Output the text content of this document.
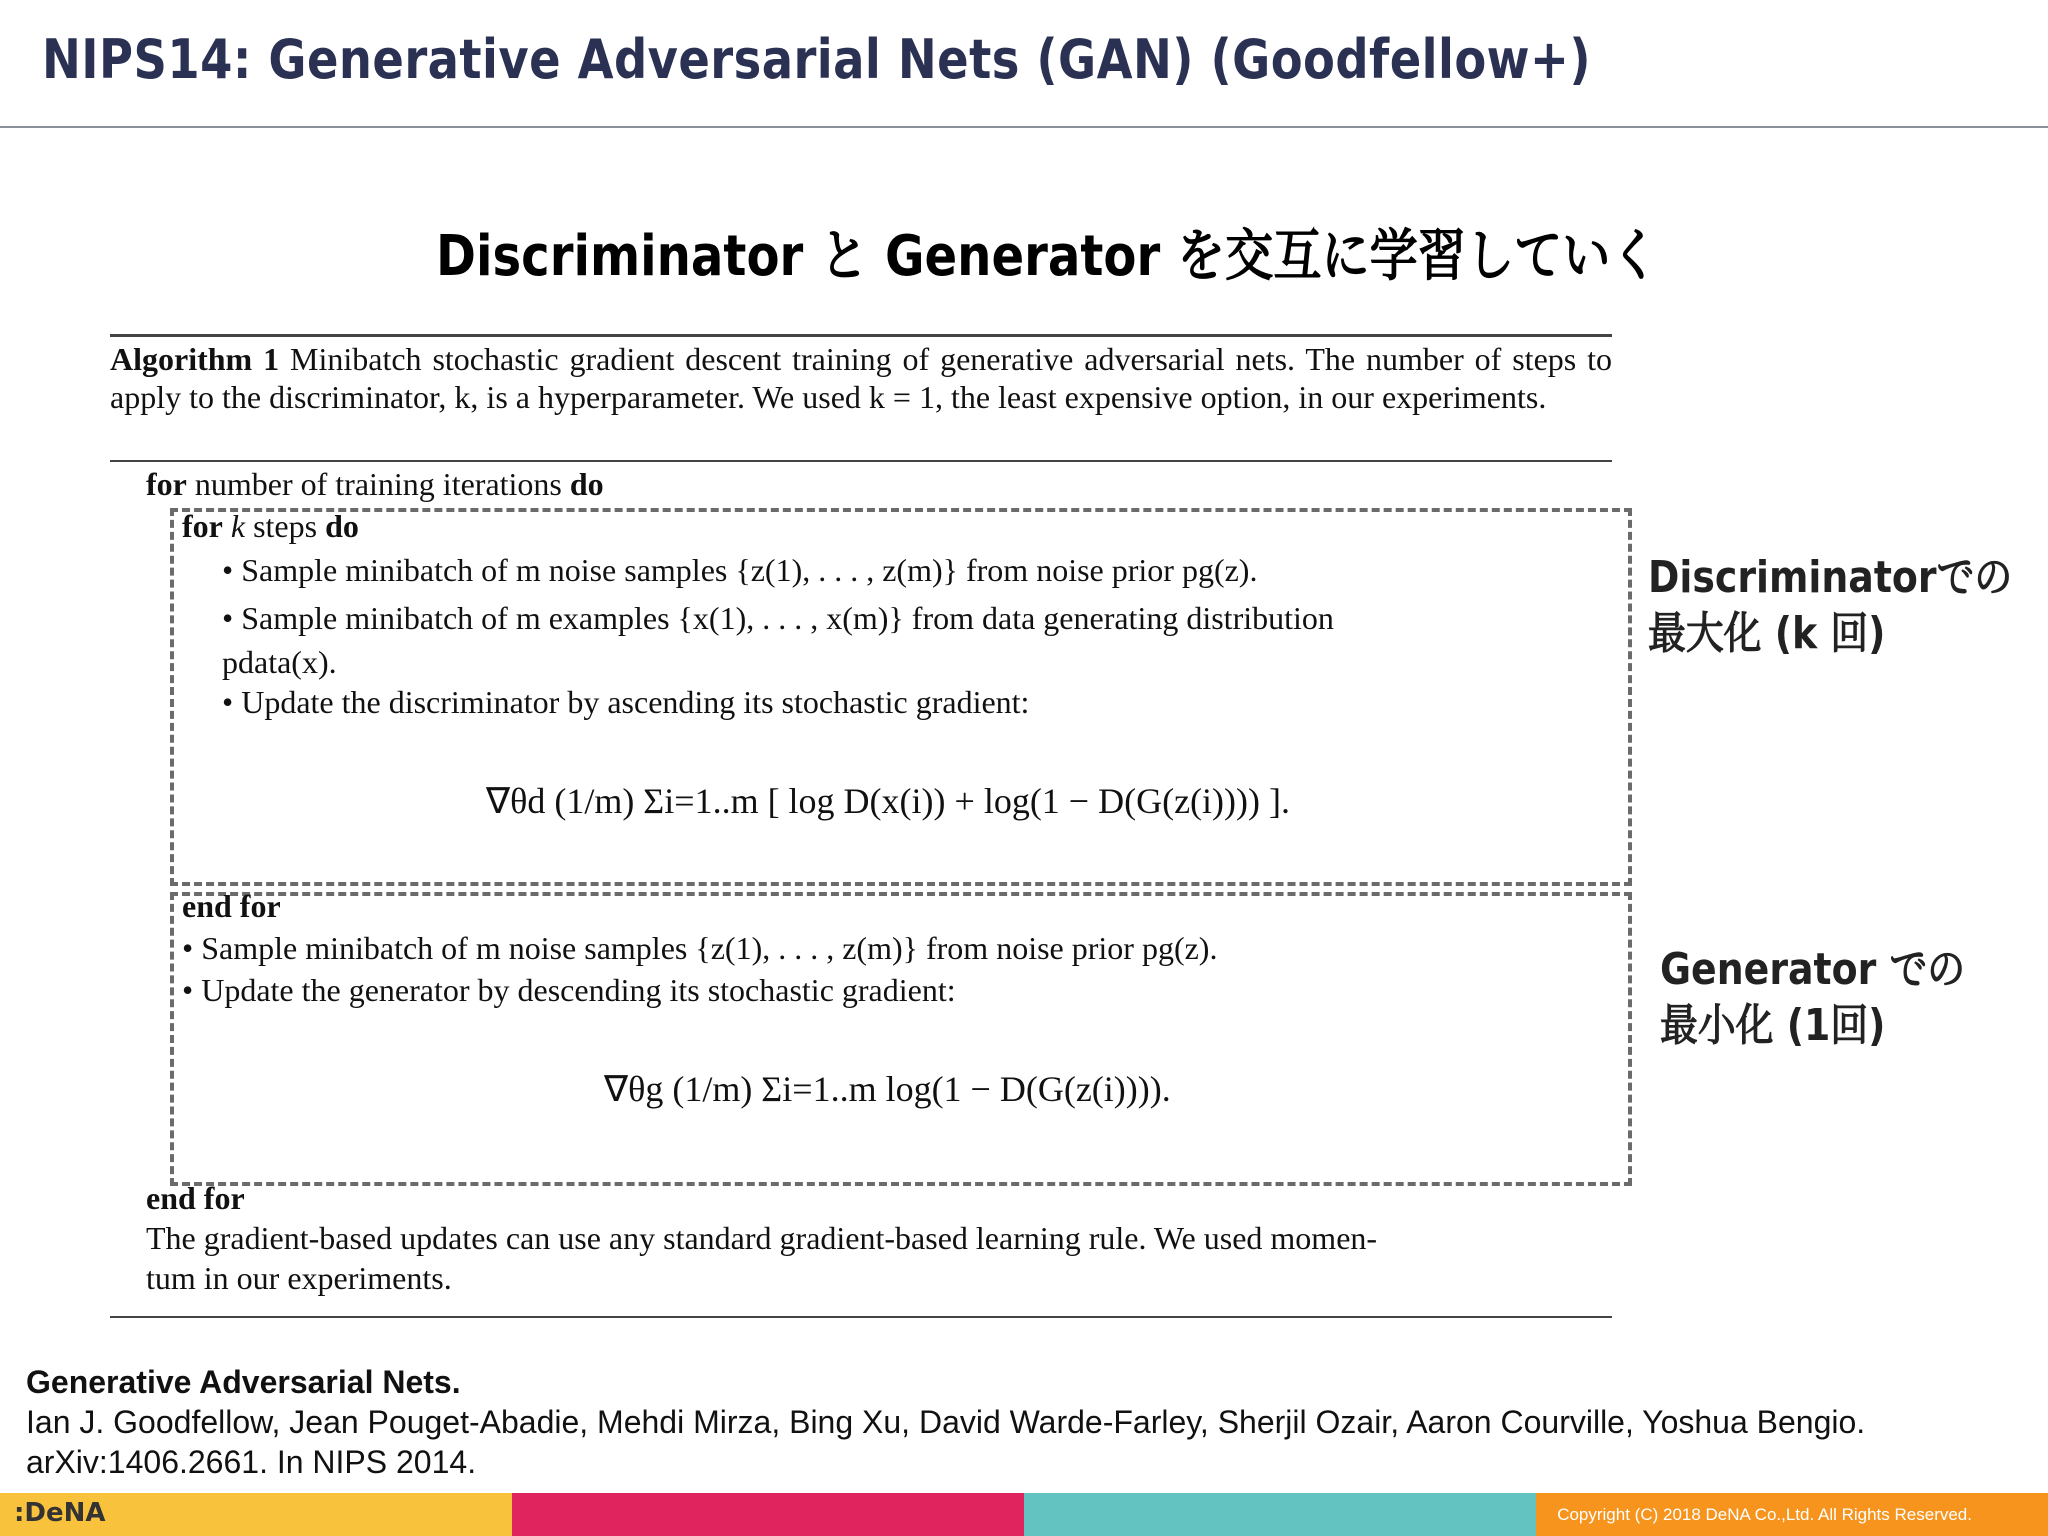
NIPS14: Generative Adversarial Nets (GAN) (Goodfellow+)
Discriminator と Generator を交互に学習していく
Algorithm 1 Minibatch stochastic gradient descent training of generative adversarial nets. The number of steps to apply to the discriminator, k, is a hyperparameter. We used k = 1, the least expensive option, in our experiments.
for number of training iterations do
for k steps do
• Sample minibatch of m noise samples {z(1), . . . , z(m)} from noise prior pg(z).
• Sample minibatch of m examples {x(1), . . . , x(m)} from data generating distribution
pdata(x).
• Update the discriminator by ascending its stochastic gradient:
∇θd (1/m) Σi=1..m [ log D(x(i)) + log(1 − D(G(z(i)))) ].
end for
• Sample minibatch of m noise samples {z(1), . . . , z(m)} from noise prior pg(z).
• Update the generator by descending its stochastic gradient:
∇θg (1/m) Σi=1..m log(1 − D(G(z(i)))).
end for
The gradient-based updates can use any standard gradient-based learning rule. We used momen-
tum in our experiments.
Discriminatorでの
最大化 (k 回)
Generator での
最小化 (1回)
Generative Adversarial Nets.
Ian J. Goodfellow, Jean Pouget-Abadie, Mehdi Mirza, Bing Xu, David Warde-Farley, Sherjil Ozair, Aaron Courville, Yoshua Bengio.
arXiv:1406.2661. In NIPS 2014.
:DeNA	Copyright (C) 2018 DeNA Co.,Ltd. All Rights Reserved.
